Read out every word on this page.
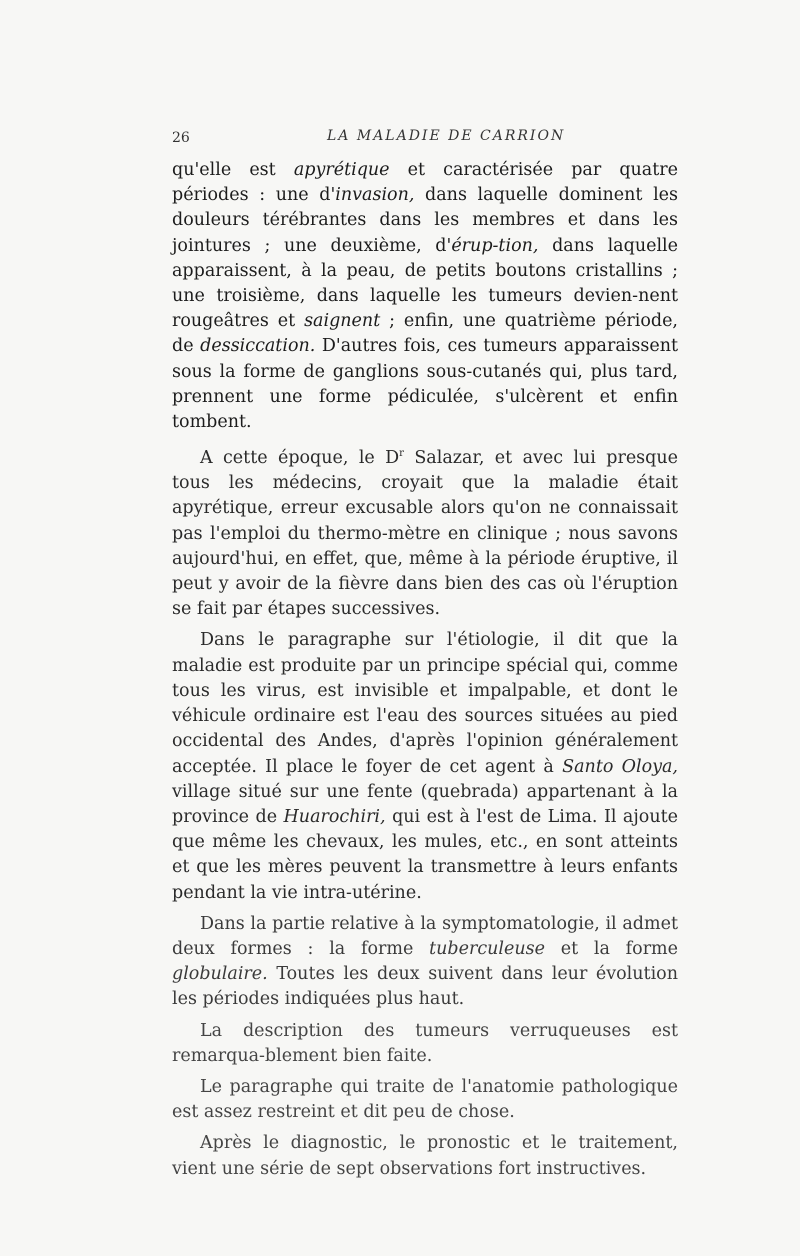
26	LA MALADIE DE CARRION

qu'elle est apyrétique et caractérisée par quatre périodes : une d'invasion, dans laquelle dominent les douleurs térébrantes dans les membres et dans les jointures ; une deuxième, d'érup-tion, dans laquelle apparaissent, à la peau, de petits boutons cristallins ; une troisième, dans laquelle les tumeurs devien-nent rougeâtres et saignent ; enfin, une quatrième période, de dessiccation. D'autres fois, ces tumeurs apparaissent sous la forme de ganglions sous-cutanés qui, plus tard, prennent une forme pédiculée, s'ulcèrent et enfin tombent.

A cette époque, le $D^r$ Salazar, et avec lui presque tous les médecins, croyait que la maladie était apyrétique, erreur excusable alors qu'on ne connaissait pas l'emploi du thermo-mètre en clinique ; nous savons aujourd'hui, en effet, que, même à la période éruptive, il peut y avoir de la fièvre dans bien des cas où l'éruption se fait par étapes successives.

Dans le paragraphe sur l'étiologie, il dit que la maladie est produite par un principe spécial qui, comme tous les virus, est invisible et impalpable, et dont le véhicule ordinaire est l'eau des sources situées au pied occidental des Andes, d'après l'opinion généralement acceptée. Il place le foyer de cet agent à Santo Oloya, village situé sur une fente (quebrada) appartenant à la province de Huarochiri, qui est à l'est de Lima. Il ajoute que même les chevaux, les mules, etc., en sont atteints et que les mères peuvent la transmettre à leurs enfants pendant la vie intra-utérine.

Dans la partie relative à la symptomatologie, il admet deux formes : la forme tuberculeuse et la forme globulaire. Toutes les deux suivent dans leur évolution les périodes indiquées plus haut.

La description des tumeurs verruqueuses est remarqua-blement bien faite.

Le paragraphe qui traite de l'anatomie pathologique est assez restreint et dit peu de chose.

Après le diagnostic, le pronostic et le traitement, vient une série de sept observations fort instructives.
